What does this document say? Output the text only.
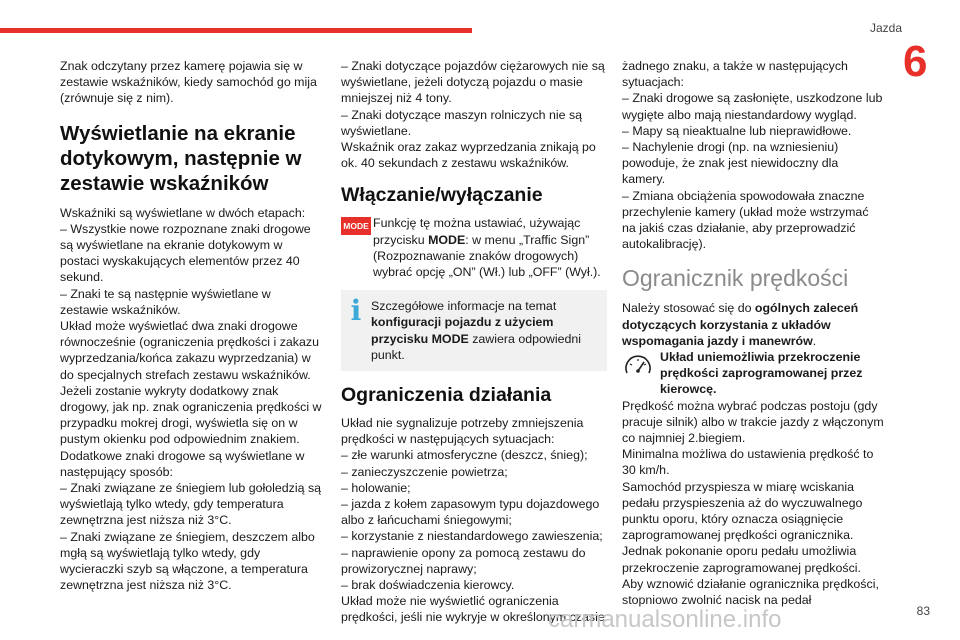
Jazda
6

Znak odczytany przez kamerę pojawia się w zestawie wskaźników, kiedy samochód go mija (zrównuje się z nim).

Wyświetlanie na ekranie dotykowym, następnie w zestawie wskaźników

Wskaźniki są wyświetlane w dwóch etapach:

– Wszystkie nowe rozpoznane znaki drogowe są wyświetlane na ekranie dotykowym w postaci wyskakujących elementów przez 40 sekund.

– Znaki te są następnie wyświetlane w zestawie wskaźników.

Układ może wyświetlać dwa znaki drogowe równocześnie (ograniczenia prędkości i zakazu wyprzedzania/końca zakazu wyprzedzania) w do specjalnych strefach zestawu wskaźników.

Jeżeli zostanie wykryty dodatkowy znak drogowy, jak np. znak ograniczenia prędkości w przypadku mokrej drogi, wyświetla się on w pustym okienku pod odpowiednim znakiem.

Dodatkowe znaki drogowe są wyświetlane w następujący sposób:

– Znaki związane ze śniegiem lub gołoledzią są wyświetlają tylko wtedy, gdy temperatura zewnętrzna jest niższa niż 3°C.

– Znaki związane ze śniegiem, deszczem albo mgłą są wyświetlają tylko wtedy, gdy wycieraczki szyb są włączone, a temperatura zewnętrzna jest niższa niż 3°C.

– Znaki dotyczące pojazdów ciężarowych nie są wyświetlane, jeżeli dotyczą pojazdu o masie mniejszej niż 4 tony.

– Znaki dotyczące maszyn rolniczych nie są wyświetlane.

Wskaźnik oraz zakaz wyprzedzania znikają po ok. 40 sekundach z zestawu wskaźników.

Włączanie/wyłączanie
MODE Funkcję tę można ustawiać, używając przycisku MODE: w menu „Traffic Sign” (Rozpoznawanie znaków drogowych) wybrać opcję „ON” (Wł.) lub „OFF” (Wył.).

i Szczegółowe informacje na temat konfiguracji pojazdu z użyciem przycisku MODE zawiera odpowiedni punkt.

Ograniczenia działania

Układ nie sygnalizuje potrzeby zmniejszenia prędkości w następujących sytuacjach:

– złe warunki atmosferyczne (deszcz, śnieg);

– zanieczyszczenie powietrza;

– holowanie;

– jazda z kołem zapasowym typu dojazdowego albo z łańcuchami śniegowymi;

– korzystanie z niestandardowego zawieszenia;

– naprawienie opony za pomocą zestawu do prowizorycznej naprawy;

– brak doświadczenia kierowcy.

Układ może nie wyświetlić ograniczenia prędkości, jeśli nie wykryje w określonym czasie

żadnego znaku, a także w następujących sytuacjach:

– Znaki drogowe są zasłonięte, uszkodzone lub wygięte albo mają niestandardowy wygląd.

– Mapy są nieaktualne lub nieprawidłowe.

– Nachylenie drogi (np. na wzniesieniu) powoduje, że znak jest niewidoczny dla kamery.

– Zmiana obciążenia spowodowała znaczne przechylenie kamery (układ może wstrzymać na jakiś czas działanie, aby przeprowadzić autokalibrację).

Ogranicznik prędkości

Należy stosować się do ogólnych zaleceń dotyczących korzystania z układów wspomagania jazdy i manewrów.

Układ uniemożliwia przekroczenie prędkości zaprogramowanej przez kierowcę.

Prędkość można wybrać podczas postoju (gdy pracuje silnik) albo w trakcie jazdy z włączonym co najmniej 2.biegiem.

Minimalna możliwa do ustawienia prędkość to 30 km/h.

Samochód przyspiesza w miarę wciskania pedału przyspieszenia aż do wyczuwalnego punktu oporu, który oznacza osiągnięcie zaprogramowanej prędkości ogranicznika.

Jednak pokonanie oporu pedału umożliwia przekroczenie zaprogramowanej prędkości.

Aby wznowić działanie ogranicznika prędkości, stopniowo zwolnić nacisk na pedał

83
carmanualsonline.info
